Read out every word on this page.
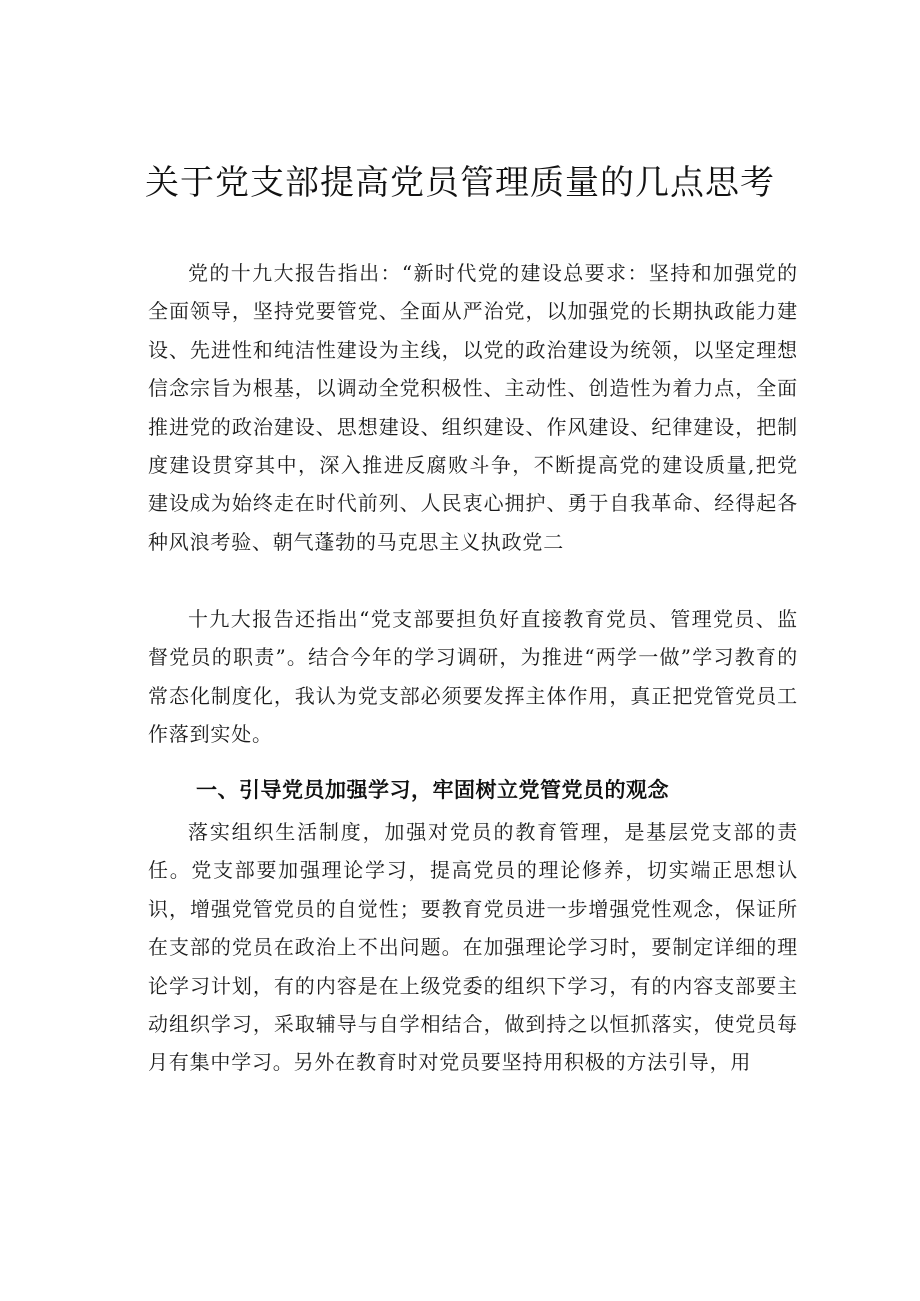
关于党支部提高党员管理质量的几点思考

党的十九大报告指出：“新时代党的建设总要求：坚持和加强党的全面领导，坚持党要管党、全面从严治党，以加强党的长期执政能力建设、先进性和纯洁性建设为主线，以党的政治建设为统领，以坚定理想信念宗旨为根基，以调动全党积极性、主动性、创造性为着力点，全面推进党的政治建设、思想建设、组织建设、作风建设、纪律建设，把制度建设贯穿其中，深入推进反腐败斗争，不断提高党的建设质量,把党建设成为始终走在时代前列、人民衷心拥护、勇于自我革命、经得起各种风浪考验、朝气蓬勃的马克思主义执政党二

十九大报告还指出“党支部要担负好直接教育党员、管理党员、监督党员的职责”。结合今年的学习调研，为推进“两学一做”学习教育的常态化制度化，我认为党支部必须要发挥主体作用，真正把党管党员工作落到实处。

一、引导党员加强学习，牢固树立党管党员的观念

落实组织生活制度，加强对党员的教育管理，是基层党支部的责任。党支部要加强理论学习，提高党员的理论修养，切实端正思想认识，增强党管党员的自觉性；要教育党员进一步增强党性观念，保证所在支部的党员在政治上不出问题。在加强理论学习时，要制定详细的理论学习计划，有的内容是在上级党委的组织下学习，有的内容支部要主动组织学习，采取辅导与自学相结合，做到持之以恒抓落实，使党员每月有集中学习。另外在教育时对党员要坚持用积极的方法引导，用
